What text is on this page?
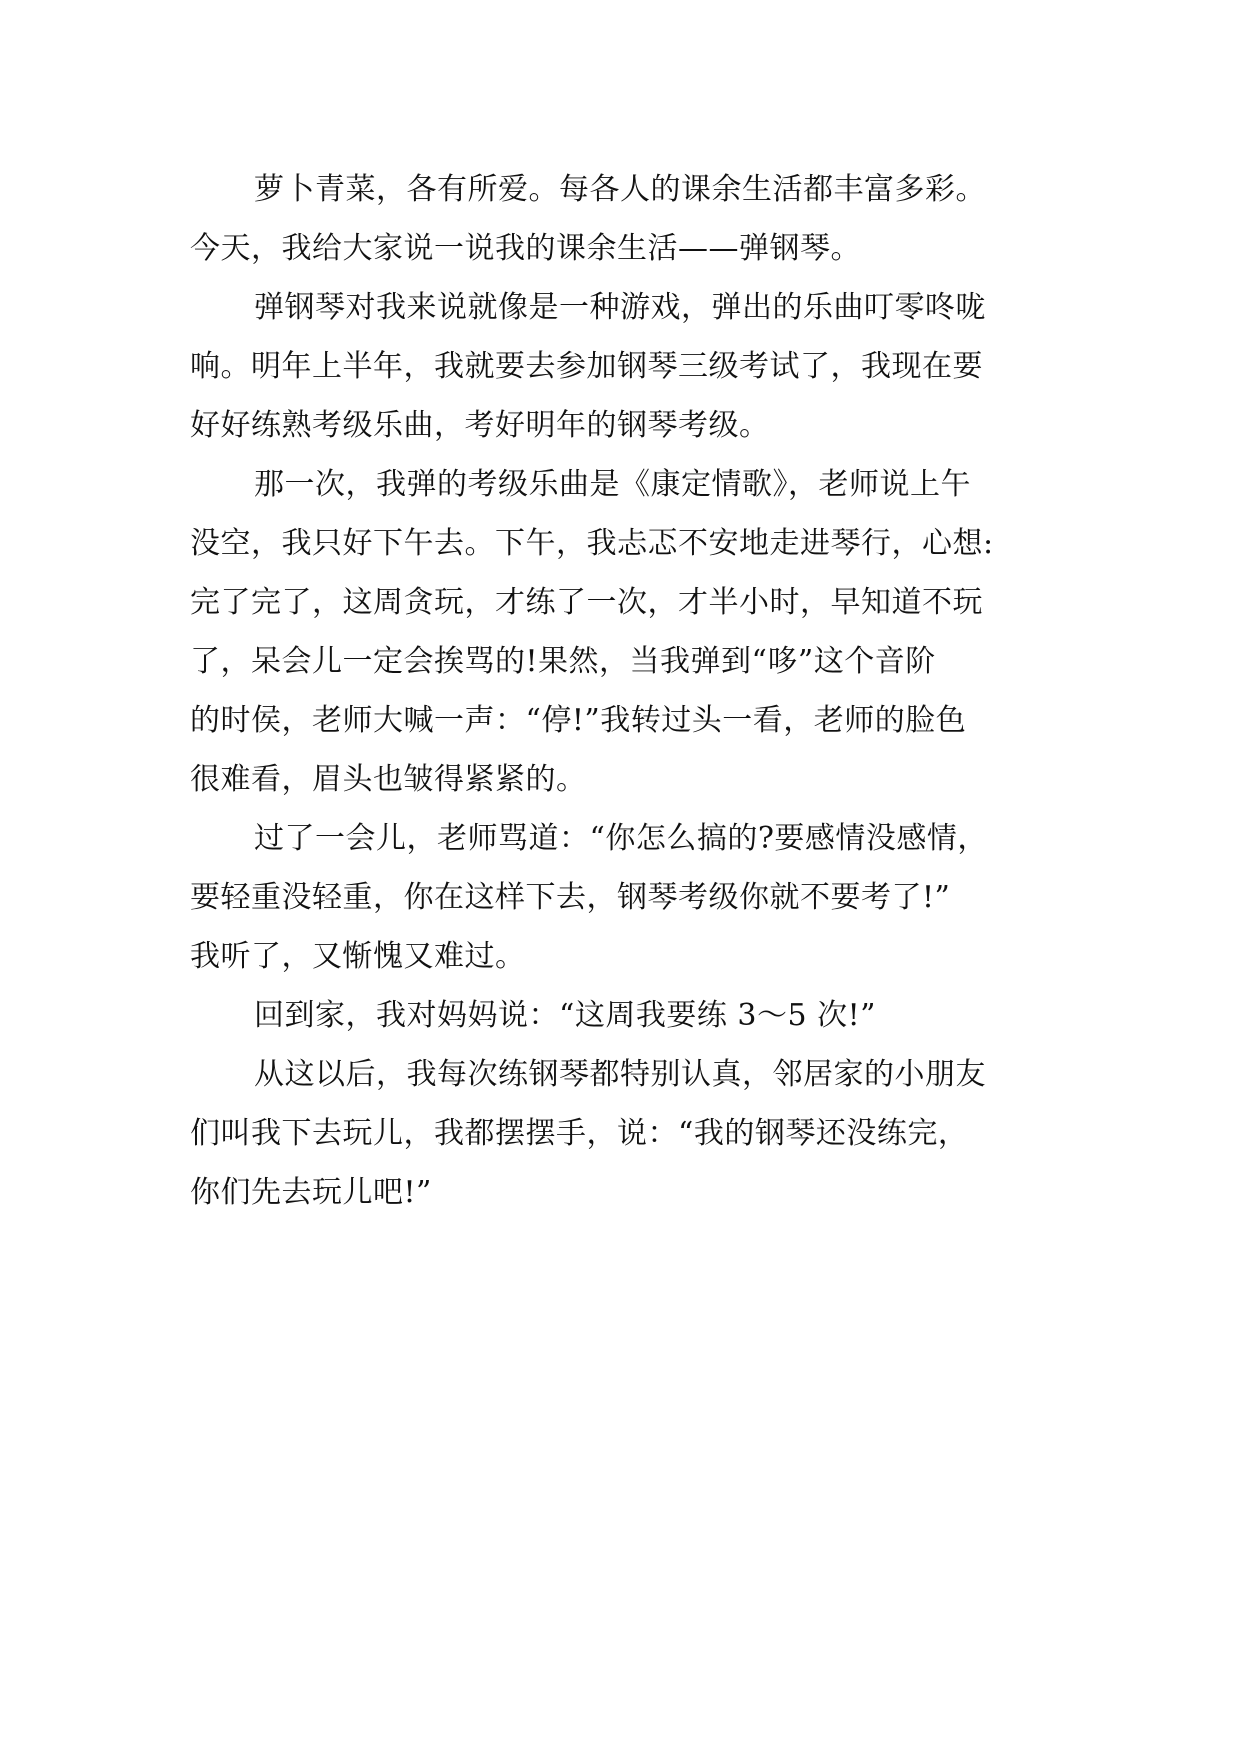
萝卜青菜，各有所爱。每各人的课余生活都丰富多彩。
今天，我给大家说一说我的课余生活——弹钢琴。
弹钢琴对我来说就像是一种游戏，弹出的乐曲叮零咚咙
响。明年上半年，我就要去参加钢琴三级考试了，我现在要
好好练熟考级乐曲，考好明年的钢琴考级。
那一次，我弹的考级乐曲是《康定情歌》，老师说上午
没空，我只好下午去。下午，我忐忑不安地走进琴行，心想:
完了完了，这周贪玩，才练了一次，才半小时，早知道不玩
了，呆会儿一定会挨骂的!果然，当我弹到“哆”这个音阶
的时侯，老师大喊一声：“停!”我转过头一看，老师的脸色
很难看，眉头也皱得紧紧的。
过了一会儿，老师骂道：“你怎么搞的?要感情没感情，
要轻重没轻重，你在这样下去，钢琴考级你就不要考了!”
我听了，又惭愧又难过。
回到家，我对妈妈说：“这周我要练 3～5 次!”
从这以后，我每次练钢琴都特别认真，邻居家的小朋友
们叫我下去玩儿，我都摆摆手，说：“我的钢琴还没练完，
你们先去玩儿吧!”
